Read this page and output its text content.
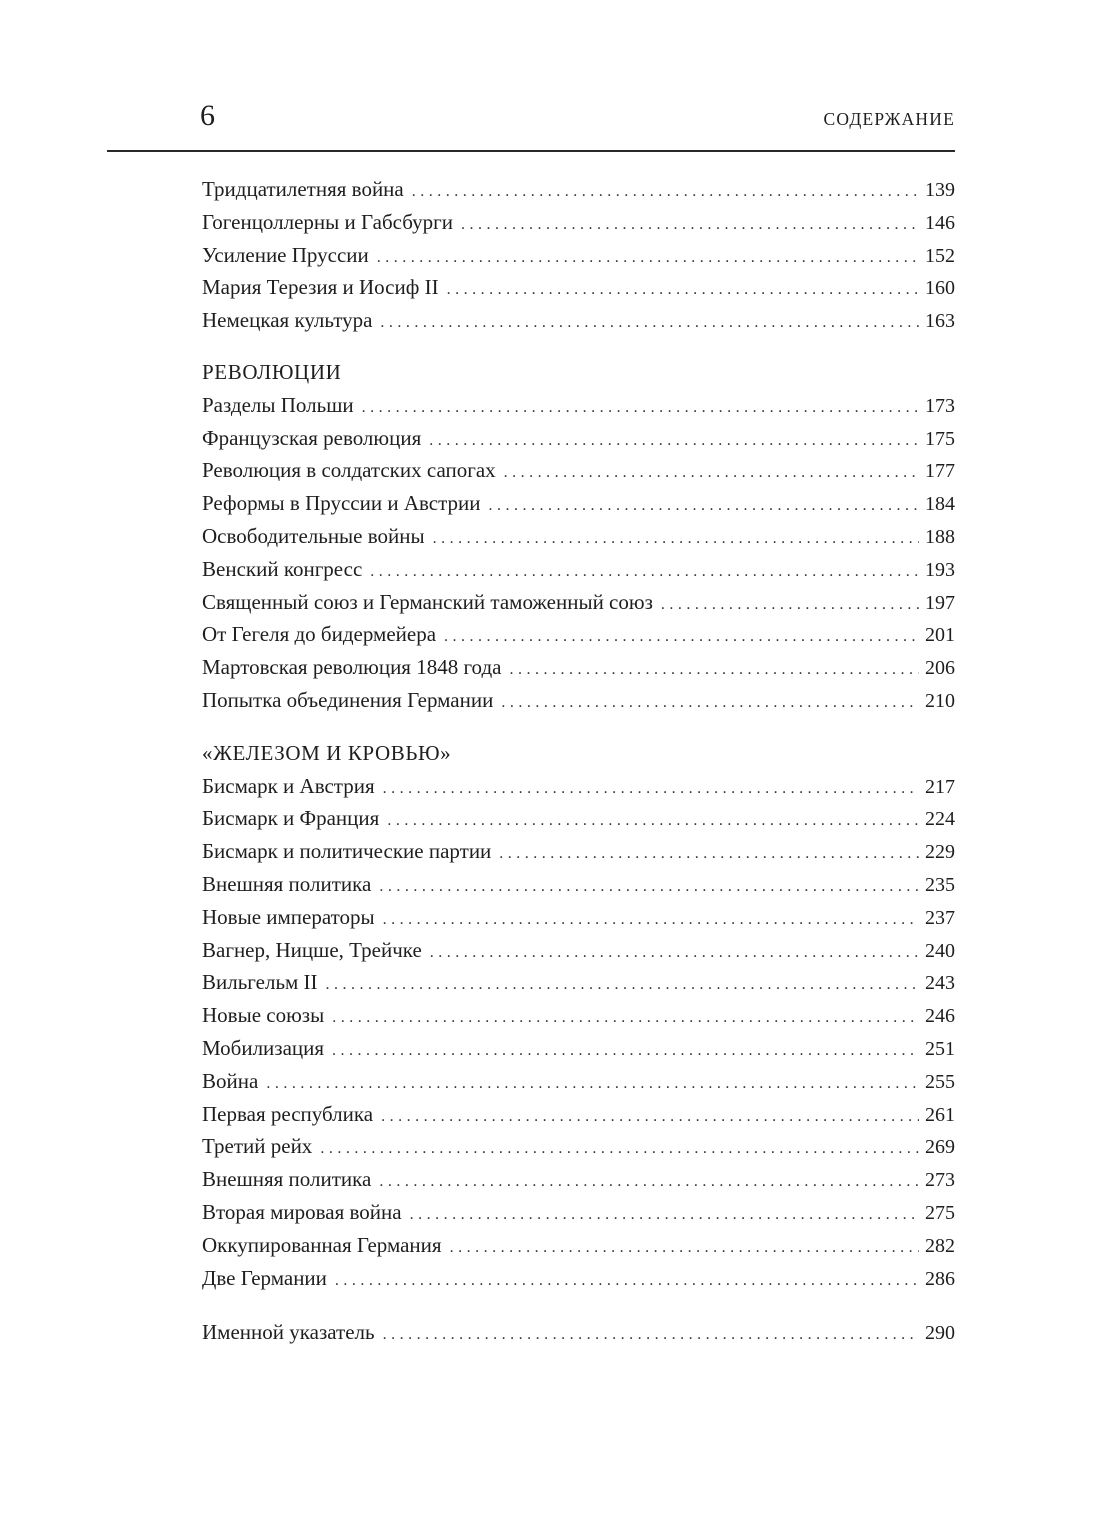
6	СОДЕРЖАНИЕ
Тридцатилетняя война .....	139
Гогенцоллерны и Габсбурги .....	146
Усиление Пруссии .....	152
Мария Терезия и Иосиф II .....	160
Немецкая культура .....	163
РЕВОЛЮЦИИ
Разделы Польши .....	173
Французская революция .....	175
Революция в солдатских сапогах .....	177
Реформы в Пруссии и Австрии .....	184
Освободительные войны .....	188
Венский конгресс .....	193
Священный союз и Германский таможенный союз .....	197
От Гегеля до бидермейера .....	201
Мартовская революция 1848 года .....	206
Попытка объединения Германии .....	210
«ЖЕЛЕЗОМ И КРОВЬЮ»
Бисмарк и Австрия .....	217
Бисмарк и Франция .....	224
Бисмарк и политические партии .....	229
Внешняя политика .....	235
Новые императоры .....	237
Вагнер, Ницше, Трейчке .....	240
Вильгельм II .....	243
Новые союзы .....	246
Мобилизация .....	251
Война .....	255
Первая республика .....	261
Третий рейх .....	269
Внешняя политика .....	273
Вторая мировая война .....	275
Оккупированная Германия .....	282
Две Германии .....	286
Именной указатель .....	290
